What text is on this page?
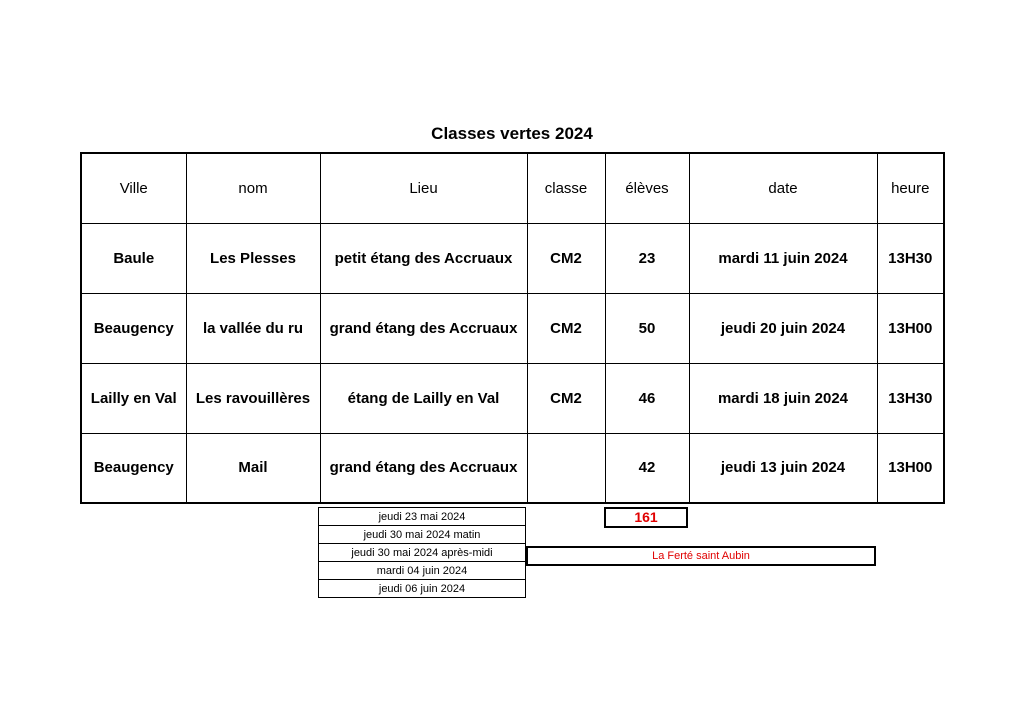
Classes vertes 2024
Ville	nom	Lieu	classe	élèves	date	heure
Baule	Les Plesses	petit étang des Accruaux	CM2	23	mardi 11 juin 2024	13H30
Beaugency	la vallée du ru	grand étang des Accruaux	CM2	50	jeudi 20 juin 2024	13H00
Lailly en Val	Les ravouillères	étang de Lailly en Val	CM2	46	mardi 18 juin 2024	13H30
Beaugency	Mail	grand étang des Accruaux		42	jeudi 13 juin 2024	13H00
jeudi 23 mai 2024
jeudi 30 mai 2024 matin
jeudi 30 mai 2024 après-midi
mardi 04 juin 2024
jeudi 06 juin 2024
161
La Ferté saint Aubin
